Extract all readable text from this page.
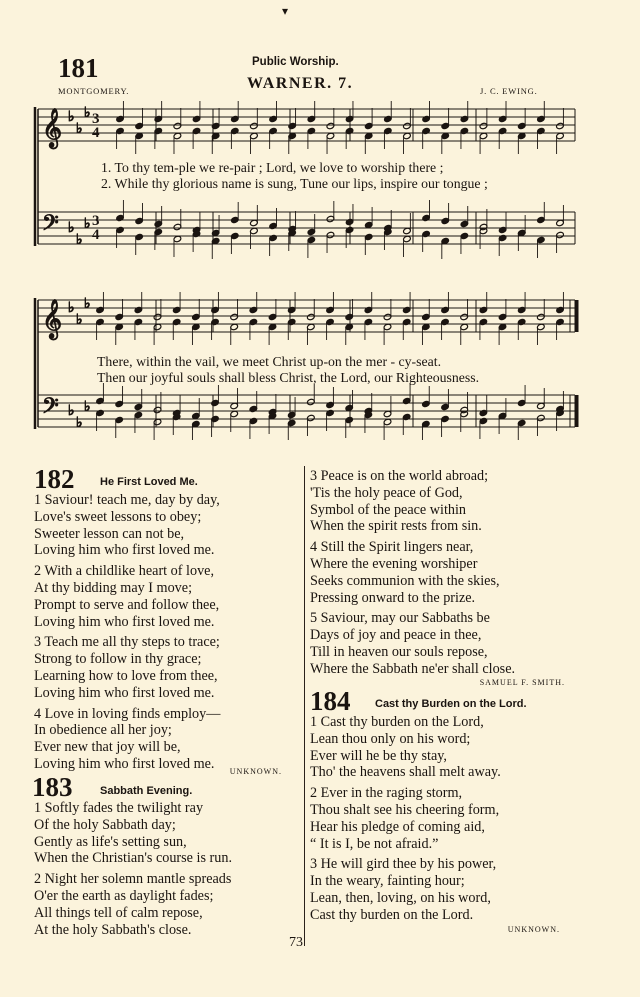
▾
181	Public Worship.
WARNER. 7.
MONTGOMERY.	J. C. EWING.
𝄞
𝄢
♭
♭
♭
♭
♭
♭
𝄞
𝄢
♭
♭
♭
♭
♭
♭
3
4
3
4
1. To thy tem-ple we re-pair ; Lord, we love to worship there ;
2. While thy glorious name is sung, Tune our lips, inspire our tongue ;
There, within the vail, we meet Christ up-on the mer - cy-seat.
Then our joyful souls shall bless Christ, the Lord, our Righteousness.
182 He First Loved Me.
1 Saviour! teach me, day by day,
Love's sweet lessons to obey;
Sweeter lesson can not be,
Loving him who first loved me.
2 With a childlike heart of love,
At thy bidding may I move;
Prompt to serve and follow thee,
Loving him who first loved me.
3 Teach me all thy steps to trace;
Strong to follow in thy grace;
Learning how to love from thee,
Loving him who first loved me.
4 Love in loving finds employ—
In obedience all her joy;
Ever new that joy will be,
Loving him who first loved me.	UNKNOWN.
183	Sabbath Evening.
1 Softly fades the twilight ray
Of the holy Sabbath day;
Gently as life's setting sun,
When the Christian's course is run.
2 Night her solemn mantle spreads
O'er the earth as daylight fades;
All things tell of calm repose,
At the holy Sabbath's close.
3 Peace is on the world abroad;
'Tis the holy peace of God,
Symbol of the peace within
When the spirit rests from sin.
4 Still the Spirit lingers near,
Where the evening worshiper
Seeks communion with the skies,
Pressing onward to the prize.
5 Saviour, may our Sabbaths be
Days of joy and peace in thee,
Till in heaven our souls repose,
Where the Sabbath ne'er shall close.
SAMUEL F. SMITH.
184 Cast thy Burden on the Lord.
1 Cast thy burden on the Lord,
Lean thou only on his word;
Ever will he be thy stay,
Tho' the heavens shall melt away.
2 Ever in the raging storm,
Thou shalt see his cheering form,
Hear his pledge of coming aid,
“ It is I, be not afraid.”
3 He will gird thee by his power,
In the weary, fainting hour;
Lean, then, loving, on his word,
Cast thy burden on the Lord.
UNKNOWN.
73
